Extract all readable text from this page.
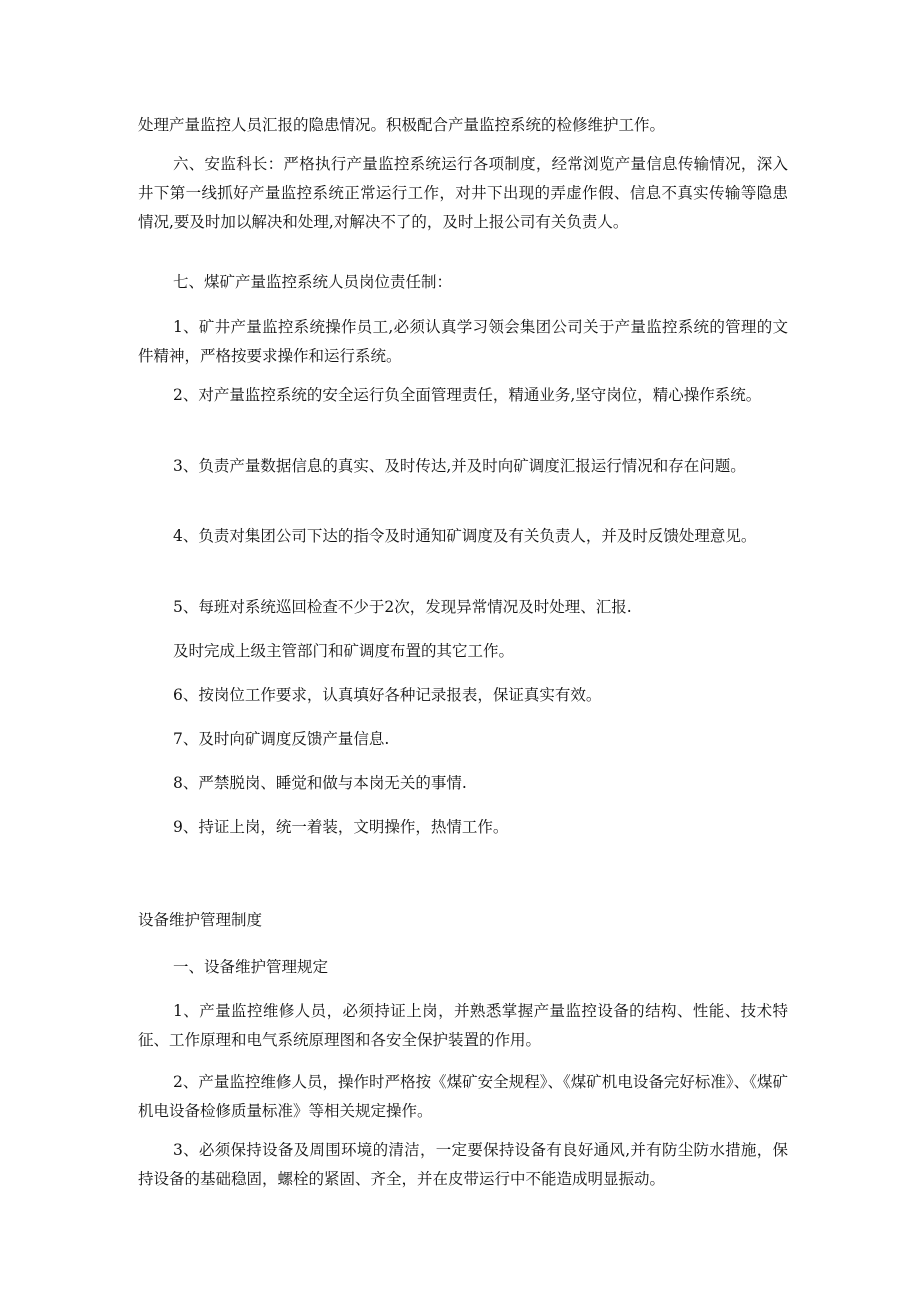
处理产量监控人员汇报的隐患情况。积极配合产量监控系统的检修维护工作。

六、安监科长：严格执行产量监控系统运行各项制度，经常浏览产量信息传输情况，深入井下第一线抓好产量监控系统正常运行工作，对井下出现的弄虚作假、信息不真实传输等隐患情况,要及时加以解决和处理,对解决不了的，及时上报公司有关负责人。

七、煤矿产量监控系统人员岗位责任制：

1、矿井产量监控系统操作员工,必须认真学习领会集团公司关于产量监控系统的管理的文件精神，严格按要求操作和运行系统。

2、对产量监控系统的安全运行负全面管理责任，精通业务,坚守岗位，精心操作系统。

3、负责产量数据信息的真实、及时传达,并及时向矿调度汇报运行情况和存在问题。

4、负责对集团公司下达的指令及时通知矿调度及有关负责人，并及时反馈处理意见。

5、每班对系统巡回检查不少于2次，发现异常情况及时处理、汇报.

及时完成上级主管部门和矿调度布置的其它工作。

6、按岗位工作要求，认真填好各种记录报表，保证真实有效。

7、及时向矿调度反馈产量信息.

8、严禁脱岗、睡觉和做与本岗无关的事情.

9、持证上岗，统一着装，文明操作，热情工作。

设备维护管理制度

一、设备维护管理规定

1、产量监控维修人员，必须持证上岗，并熟悉掌握产量监控设备的结构、性能、技术特征、工作原理和电气系统原理图和各安全保护装置的作用。

2、产量监控维修人员，操作时严格按《煤矿安全规程》、《煤矿机电设备完好标准》、《煤矿机电设备检修质量标准》等相关规定操作。

3、必须保持设备及周围环境的清洁，一定要保持设备有良好通风,并有防尘防水措施，保持设备的基础稳固，螺栓的紧固、齐全，并在皮带运行中不能造成明显振动。
